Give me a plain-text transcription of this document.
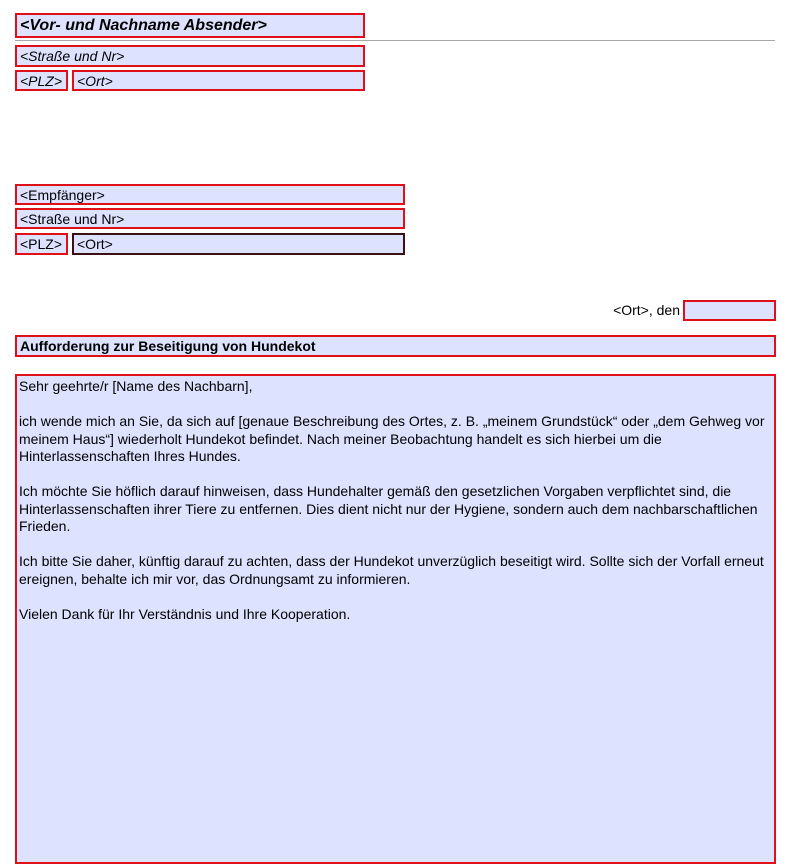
<Vor- und Nachname Absender>
<Straße und Nr>
<PLZ>	<Ort>
<Empfänger>
<Straße und Nr>
<PLZ>	<Ort>
<Ort>, den
Aufforderung zur Beseitigung von Hundekot

Sehr geehrte/r [Name des Nachbarn],

ich wende mich an Sie, da sich auf [genaue Beschreibung des Ortes, z. B. „meinem Grundstück“ oder „dem Gehweg vor meinem Haus“] wiederholt Hundekot befindet. Nach meiner Beobachtung handelt es sich hierbei um die Hinterlassenschaften Ihres Hundes.

Ich möchte Sie höflich darauf hinweisen, dass Hundehalter gemäß den gesetzlichen Vorgaben verpflichtet sind, die Hinterlassenschaften ihrer Tiere zu entfernen. Dies dient nicht nur der Hygiene, sondern auch dem nachbarschaftlichen Frieden.

Ich bitte Sie daher, künftig darauf zu achten, dass der Hundekot unverzüglich beseitigt wird. Sollte sich der Vorfall erneut ereignen, behalte ich mir vor, das Ordnungsamt zu informieren.

Vielen Dank für Ihr Verständnis und Ihre Kooperation.
